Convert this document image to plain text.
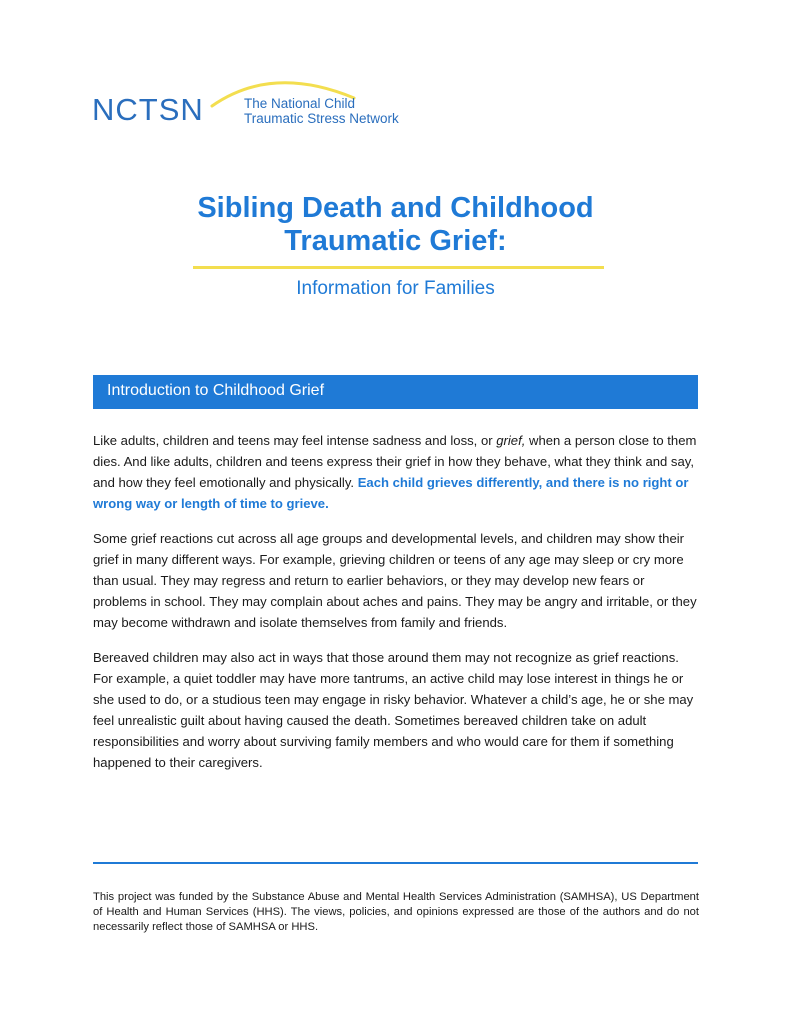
NCTSN	The National Child
Traumatic Stress Network
Sibling Death and Childhood
Traumatic Grief:
Information for Families
Introduction to Childhood Grief

Like adults, children and teens may feel intense sadness and loss, or grief, when a person close to them dies. And like adults, children and teens express their grief in how they behave, what they think and say, and how they feel emotionally and physically. Each child grieves differently, and there is no right or wrong way or length of time to grieve.

Some grief reactions cut across all age groups and developmental levels, and children may show their grief in many different ways. For example, grieving children or teens of any age may sleep or cry more than usual. They may regress and return to earlier behaviors, or they may develop new fears or problems in school. They may complain about aches and pains. They may be angry and irritable, or they may become withdrawn and isolate themselves from family and friends.

Bereaved children may also act in ways that those around them may not recognize as grief reactions. For example, a quiet toddler may have more tantrums, an active child may lose interest in things he or she used to do, or a studious teen may engage in risky behavior. Whatever a child’s age, he or she may feel unrealistic guilt about having caused the death. Sometimes bereaved children take on adult responsibilities and worry about surviving family members and who would care for them if something happened to their caregivers.

This project was funded by the Substance Abuse and Mental Health Services Administration (SAMHSA), US Department of Health and Human Services (HHS). The views, policies, and opinions expressed are those of the authors and do not necessarily reflect those of SAMHSA or HHS.
